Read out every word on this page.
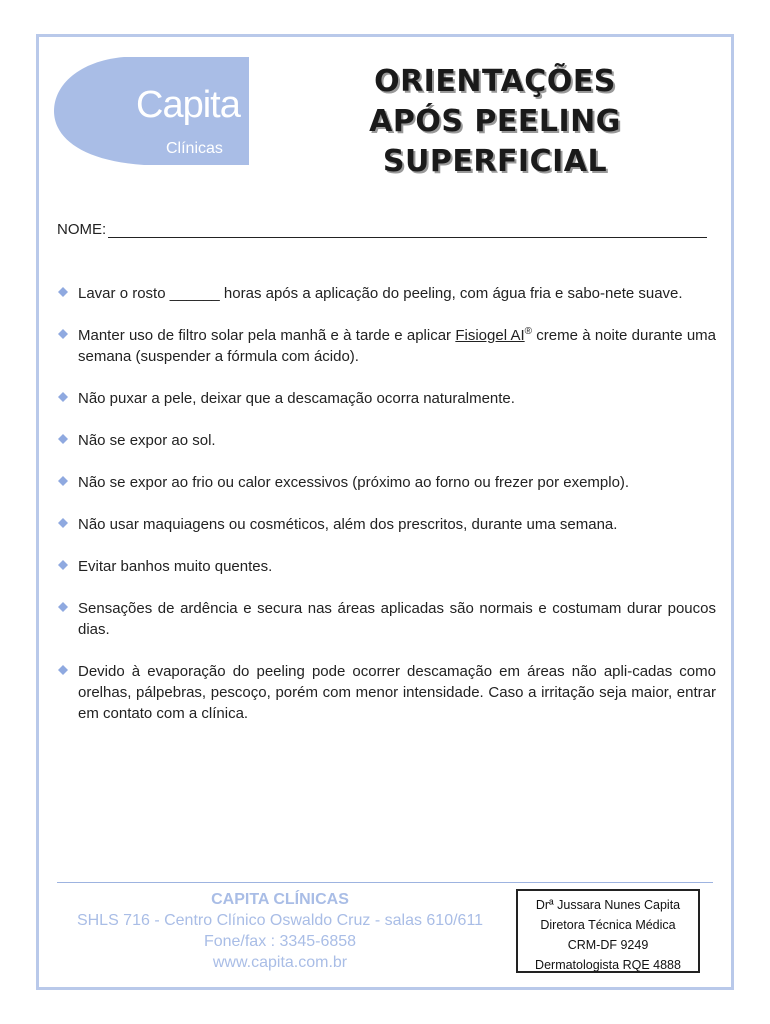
Capita
Clínicas
ORIENTAÇÕES
APÓS PEELING
SUPERFICIAL
NOME:
Lavar o rosto ______ horas após a aplicação do peeling, com água fria e sabo-nete suave.
Manter uso de filtro solar pela manhã e à tarde e aplicar Fisiogel AI® creme à noite durante uma semana (suspender a fórmula com ácido).
Não puxar a pele, deixar que a descamação ocorra naturalmente.
Não se expor ao sol.
Não se expor ao frio ou calor excessivos (próximo ao forno ou frezer por exemplo).
Não usar maquiagens ou cosméticos, além dos prescritos, durante uma semana.
Evitar banhos muito quentes.
Sensações de ardência e secura nas áreas aplicadas são normais e costumam durar poucos dias.
Devido à evaporação do peeling pode ocorrer descamação em áreas não apli-cadas como orelhas, pálpebras, pescoço, porém com menor intensidade. Caso a irritação seja maior, entrar em contato com a clínica.
CAPITA CLÍNICAS
SHLS 716 - Centro Clínico Oswaldo Cruz - salas 610/611
Fone/fax : 3345-6858
www.capita.com.br
Drª Jussara Nunes Capita
Diretora Técnica Médica
CRM-DF 9249
Dermatologista RQE 4888
